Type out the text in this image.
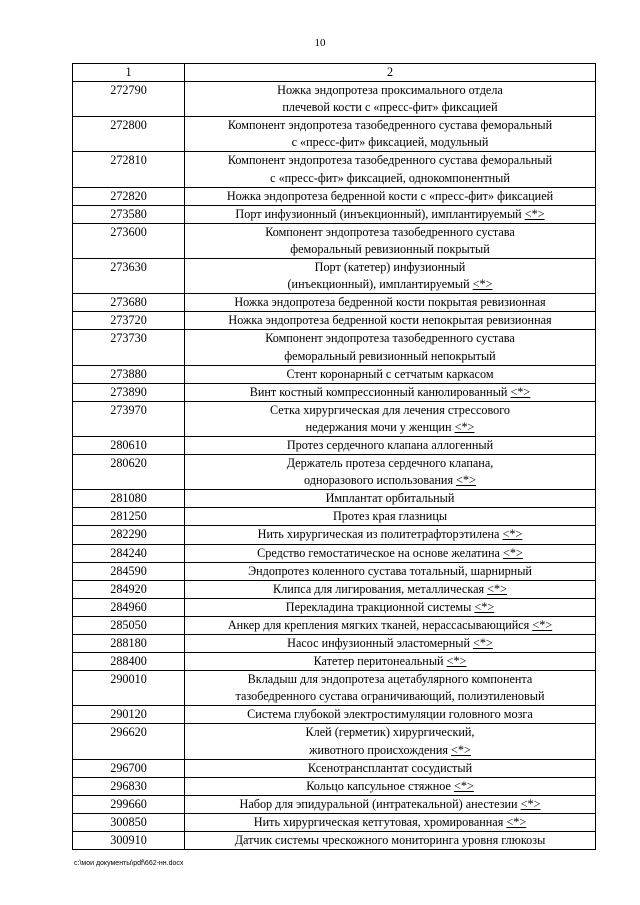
10
1	2
272790	Ножка эндопротеза проксимального отдела
плечевой кости с «пресс-фит» фиксацией

272800	Компонент эндопротеза тазобедренного сустава феморальный
с «пресс-фит» фиксацией, модульный

272810	Компонент эндопротеза тазобедренного сустава феморальный
с «пресс-фит» фиксацией, однокомпонентный

272820	Ножка эндопротеза бедренной кости с «пресс-фит» фиксацией

273580	Порт инфузионный (инъекционный), имплантируемый <*>

273600	Компонент эндопротеза тазобедренного сустава
феморальный ревизионный покрытый

273630	Порт (катетер) инфузионный
(инъекционный), имплантируемый <*>

273680	Ножка эндопротеза бедренной кости покрытая ревизионная

273720	Ножка эндопротеза бедренной кости непокрытая ревизионная

273730	Компонент эндопротеза тазобедренного сустава
феморальный ревизионный непокрытый

273880	Стент коронарный с сетчатым каркасом

273890	Винт костный компрессионный канюлированный <*>

273970	Сетка хирургическая для лечения стрессового
недержания мочи у женщин <*>

280610	Протез сердечного клапана аллогенный

280620	Держатель протеза сердечного клапана,
одноразового использования <*>

281080	Имплантат орбитальный

281250	Протез края глазницы

282290	Нить хирургическая из политетрафторэтилена <*>

284240	Средство гемостатическое на основе желатина <*>

284590	Эндопротез коленного сустава тотальный, шарнирный

284920	Клипса для лигирования, металлическая <*>

284960	Перекладина тракционной системы <*>

285050	Анкер для крепления мягких тканей, нерассасывающийся <*>

288180	Насос инфузионный эластомерный <*>

288400	Катетер перитонеальный <*>

290010	Вкладыш для эндопротеза ацетабулярного компонента
тазобедренного сустава ограничивающий, полиэтиленовый

290120	Система глубокой электростимуляции головного мозга

296620	Клей (герметик) хирургический,
животного происхождения <*>

296700	Ксенотрансплантат сосудистый

296830	Кольцо капсульное стяжное <*>

299660	Набор для эпидуральной (интратекальной) анестезии <*>

300850	Нить хирургическая кетгутовая, хромированная <*>

300910	Датчик системы чрескожного мониторинга уровня глюкозы
c:\мои документы\pdf\662-нн.docx
